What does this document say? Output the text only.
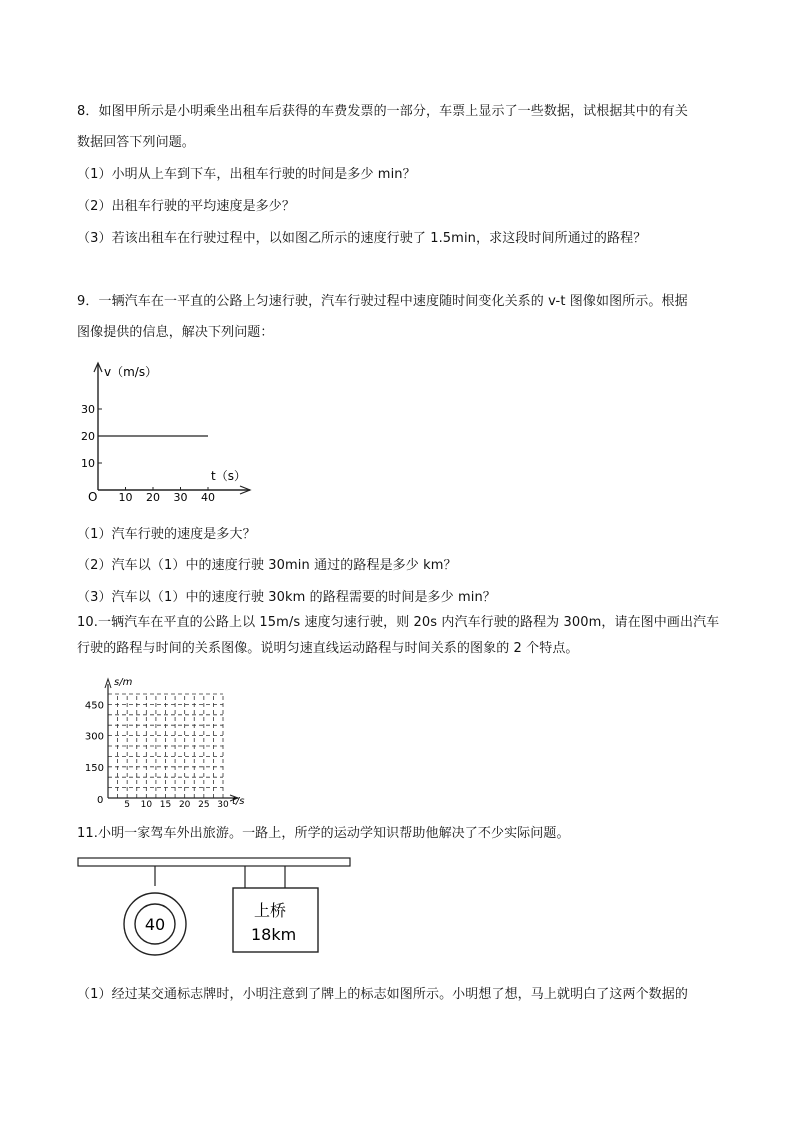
8．如图甲所示是小明乘坐出租车后获得的车费发票的一部分，车票上显示了一些数据，试根据其中的有关
数据回答下列问题。
（1）小明从上车到下车，出租车行驶的时间是多少 min？
（2）出租车行驶的平均速度是多少？
（3）若该出租车在行驶过程中，以如图乙所示的速度行驶了 1.5min，求这段时间所通过的路程？
9．一辆汽车在一平直的公路上匀速行驶，汽车行驶过程中速度随时间变化关系的 v-t 图像如图所示。根据
图像提供的信息，解决下列问题：
v（m/s）
t（s）
O
10
20
30
10 20 30 40
（1）汽车行驶的速度是多大？
（2）汽车以（1）中的速度行驶 30min 通过的路程是多少 km？
（3）汽车以（1）中的速度行驶 30km 的路程需要的时间是多少 min？
10.一辆汽车在平直的公路上以 15m/s 速度匀速行驶，则 20s 内汽车行驶的路程为 300m，请在图中画出汽车
行驶的路程与时间的关系图像。说明匀速直线运动路程与时间关系的图象的 2 个特点。
s/m
t/s
0
150
300
450
5 10 15 20 25 30
11.小明一家驾车外出旅游。一路上，所学的运动学知识帮助他解决了不少实际问题。
40
上桥
18km
（1）经过某交通标志牌时，小明注意到了牌上的标志如图所示。小明想了想，马上就明白了这两个数据的
